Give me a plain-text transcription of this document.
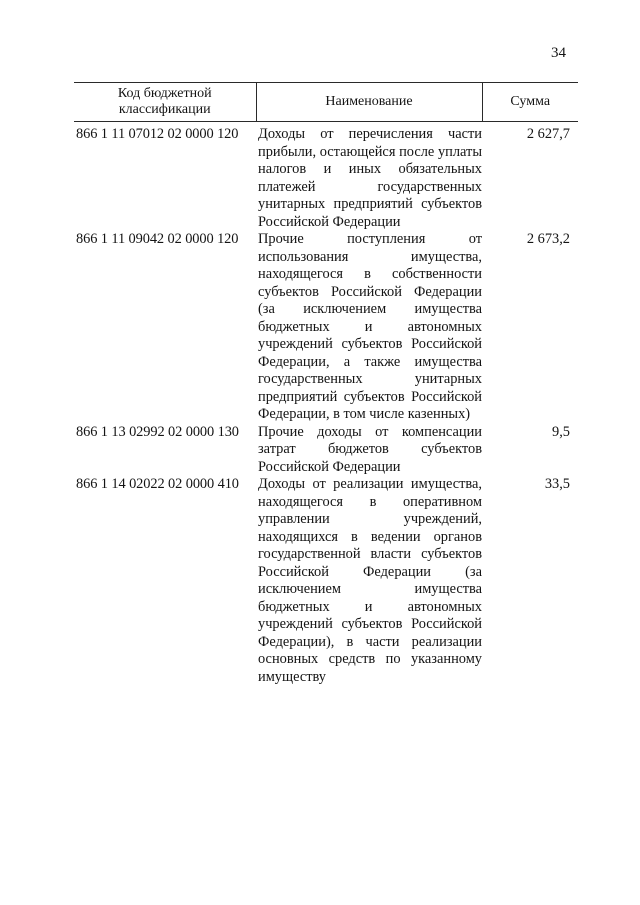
34
Код бюджетной классификации	Наименование	Сумма
866 1 11 07012 02 0000 120	Доходы от перечисления части прибыли, остающейся после уплаты налогов и иных обязательных платежей государственных унитарных предприятий субъектов Российской Федерации	2 627,7
866 1 11 09042 02 0000 120	Прочие поступления от использования имущества, находящегося в собственности субъектов Российской Федерации (за исключением имущества бюджетных и автономных учреждений субъектов Российской Федерации, а также имущества государственных унитарных предприятий субъектов Российской Федерации, в том числе казенных)	2 673,2
866 1 13 02992 02 0000 130	Прочие доходы от компенсации затрат бюджетов субъектов Российской Федерации	9,5
866 1 14 02022 02 0000 410	Доходы от реализации имущества, находящегося в оперативном управлении учреждений, находящихся в ведении органов государственной власти субъектов Российской Федерации (за исключением имущества бюджетных и автономных учреждений субъектов Российской Федерации), в части реализации основных средств по указанному имуществу	33,5
